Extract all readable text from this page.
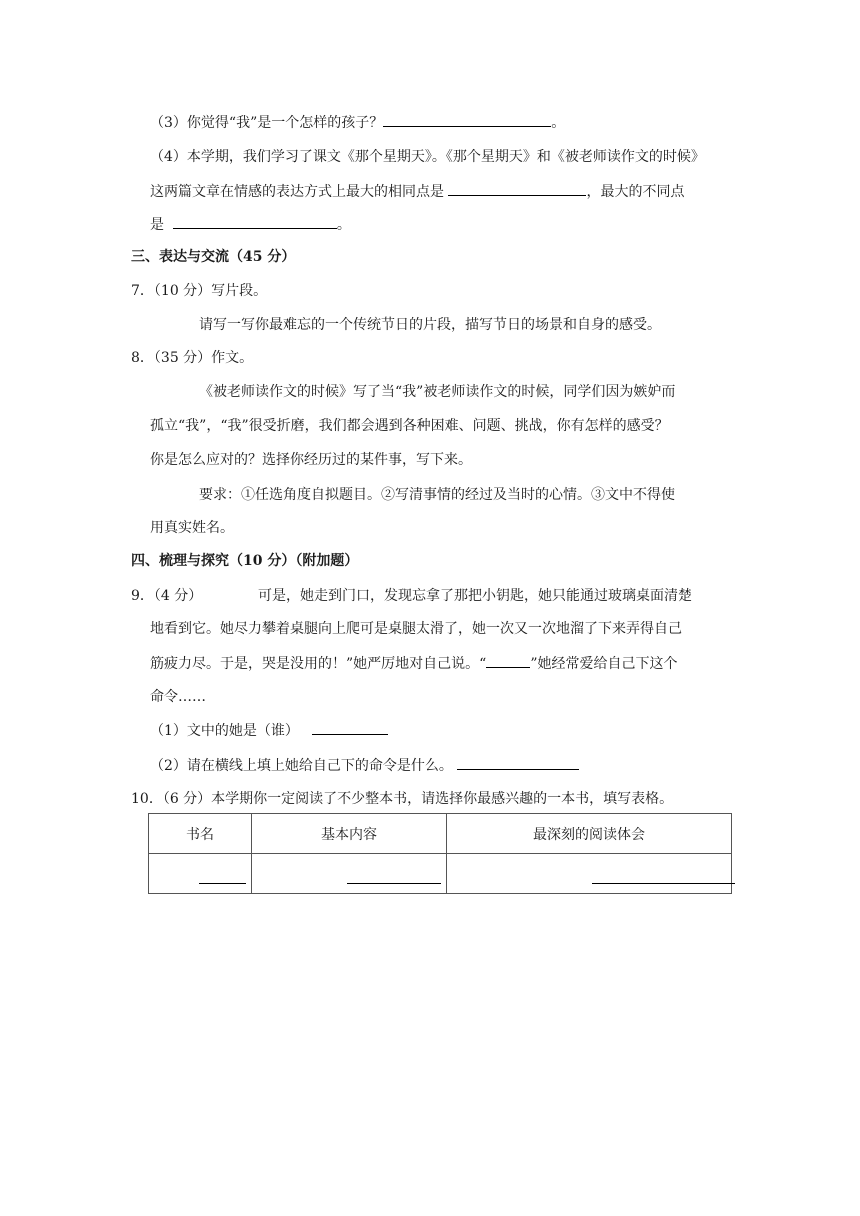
（3）你觉得“我”是一个怎样的孩子？	。
（4）本学期，我们学习了课文《那个星期天》。《那个星期天》和《被老师读作文的时候》
这两篇文章在情感的表达方式上最大的相同点是	，最大的不同点
是	。
三、表达与交流（45 分）
7．（10 分）写片段。
请写一写你最难忘的一个传统节日的片段，描写节日的场景和自身的感受。
8．（35 分）作文。
《被老师读作文的时候》写了当“我”被老师读作文的时候，同学们因为嫉妒而
孤立“我”，“我”很受折磨，我们都会遇到各种困难、问题、挑战，你有怎样的感受？
你是怎么应对的？选择你经历过的某件事，写下来。
要求：①任选角度自拟题目。②写清事情的经过及当时的心情。③文中不得使
用真实姓名。
四、梳理与探究（10 分）（附加题）
9．（4 分）	可是，她走到门口，发现忘拿了那把小钥匙，她只能通过玻璃桌面清楚
地看到它。她尽力攀着桌腿向上爬可是桌腿太滑了，她一次又一次地溜了下来弄得自己
筋疲力尽。于是，哭是没用的！”她严厉地对自己说。“	”她经常爱给自己下这个
命令……
（1）文中的她是（谁）
（2）请在横线上填上她给自己下的命令是什么。
10．（6 分）本学期你一定阅读了不少整本书，请选择你最感兴趣的一本书，填写表格。
书名	基本内容	最深刻的阅读体会
